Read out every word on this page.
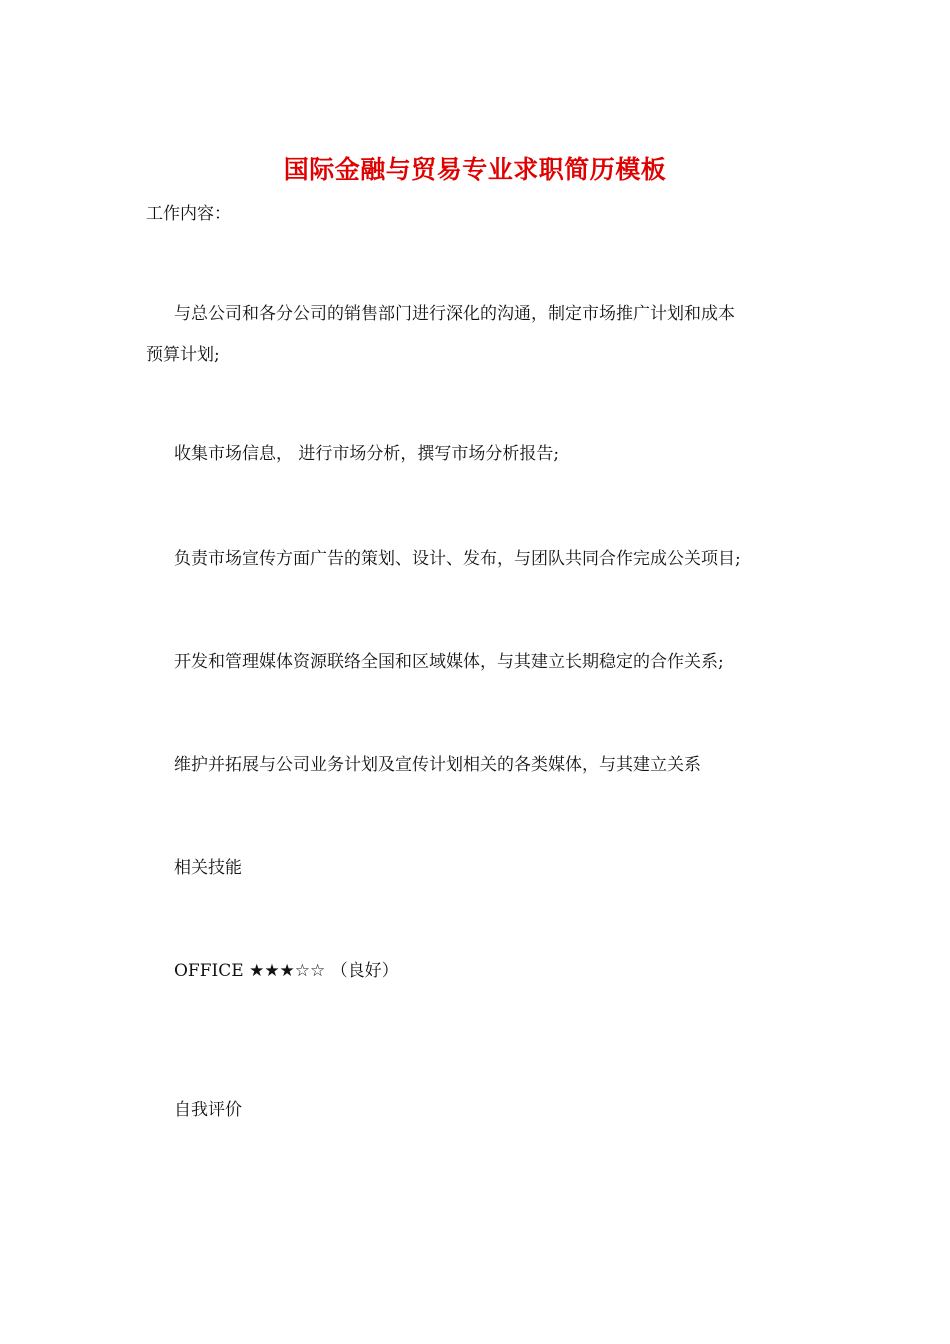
国际金融与贸易专业求职简历模板

工作内容：

与总公司和各分公司的销售部门进行深化的沟通，制定市场推广计划和成本

预算计划;

收集市场信息， 进行市场分析，撰写市场分析报告;

负责市场宣传方面广告的策划、设计、发布，与团队共同合作完成公关项目;

开发和管理媒体资源联络全国和区域媒体，与其建立长期稳定的合作关系;

维护并拓展与公司业务计划及宣传计划相关的各类媒体，与其建立关系

相关技能

OFFICE ★★★☆☆ （良好）

自我评价
